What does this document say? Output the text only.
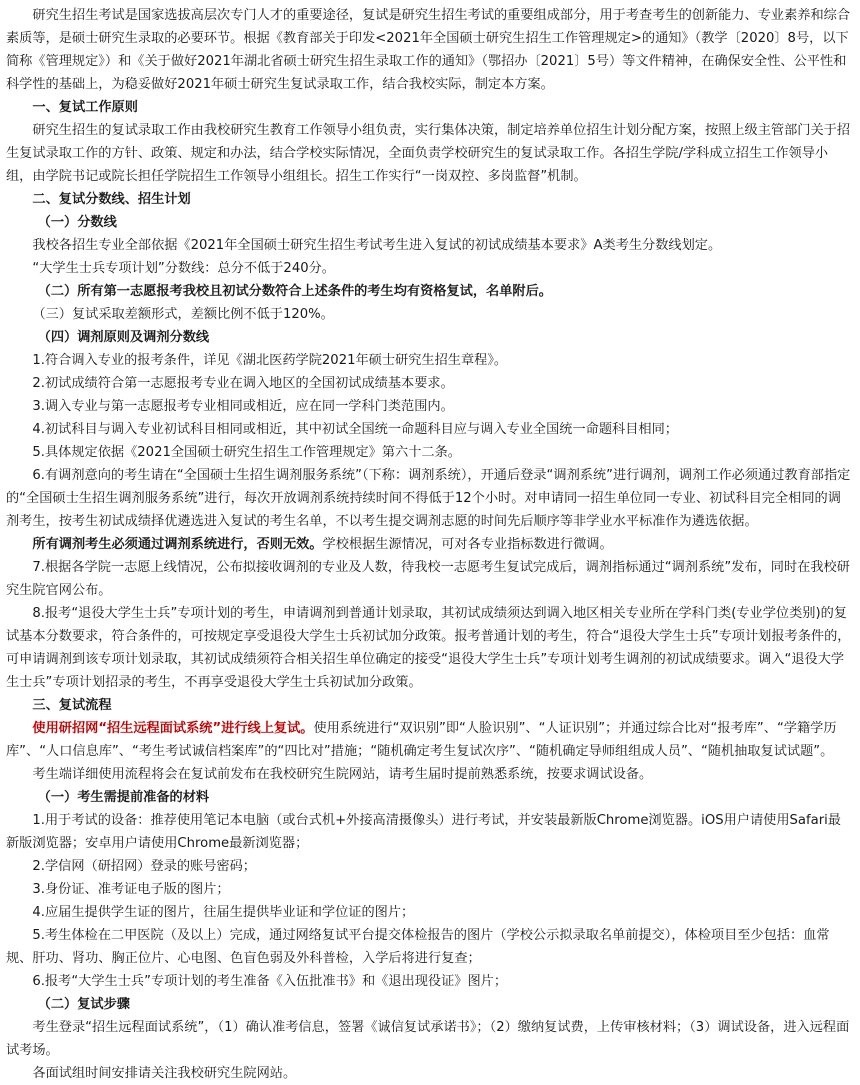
研究生招生考试是国家选拔高层次专门人才的重要途径，复试是研究生招生考试的重要组成部分，用于考查考生的创新能力、专业素养和综合素质等，是硕士研究生录取的必要环节。根据《教育部关于印发<2021年全国硕士研究生招生工作管理规定>的通知》（教学〔2020〕8号，以下简称《管理规定》）和《关于做好2021年湖北省硕士研究生招生录取工作的通知》（鄂招办〔2021〕5号）等文件精神，在确保安全性、公平性和科学性的基础上，为稳妥做好2021年硕士研究生复试录取工作，结合我校实际，制定本方案。

一、复试工作原则

研究生招生的复试录取工作由我校研究生教育工作领导小组负责，实行集体决策，制定培养单位招生计划分配方案，按照上级主管部门关于招生复试录取工作的方针、政策、规定和办法，结合学校实际情况，全面负责学校研究生的复试录取工作。各招生学院/学科成立招生工作领导小组，由学院书记或院长担任学院招生工作领导小组组长。招生工作实行“一岗双控、多岗监督”机制。

二、复试分数线、招生计划

（一）分数线

我校各招生专业全部依据《2021年全国硕士研究生招生考试考生进入复试的初试成绩基本要求》A类考生分数线划定。

“大学生士兵专项计划”分数线：总分不低于240分。

（二）所有第一志愿报考我校且初试分数符合上述条件的考生均有资格复试，名单附后。

（三）复试采取差额形式，差额比例不低于120%。

（四）调剂原则及调剂分数线

1.符合调入专业的报考条件，详见《湖北医药学院2021年硕士研究生招生章程》。

2.初试成绩符合第一志愿报考专业在调入地区的全国初试成绩基本要求。

3.调入专业与第一志愿报考专业相同或相近，应在同一学科门类范围内。

4.初试科目与调入专业初试科目相同或相近，其中初试全国统一命题科目应与调入专业全国统一命题科目相同；

5.具体规定依据《2021全国硕士研究生招生工作管理规定》第六十二条。

6.有调剂意向的考生请在“全国硕士生招生调剂服务系统”（下称：调剂系统），开通后登录“调剂系统”进行调剂，调剂工作必须通过教育部指定的“全国硕士生招生调剂服务系统”进行，每次开放调剂系统持续时间不得低于12个小时。对申请同一招生单位同一专业、初试科目完全相同的调剂考生，按考生初试成绩择优遴选进入复试的考生名单，不以考生提交调剂志愿的时间先后顺序等非学业水平标准作为遴选依据。

所有调剂考生必须通过调剂系统进行，否则无效。学校根据生源情况，可对各专业指标数进行微调。

7.根据各学院一志愿上线情况，公布拟接收调剂的专业及人数，待我校一志愿考生复试完成后，调剂指标通过“调剂系统”发布，同时在我校研究生院官网公布。

8.报考“退役大学生士兵”专项计划的考生，申请调剂到普通计划录取，其初试成绩须达到调入地区相关专业所在学科门类(专业学位类别)的复试基本分数要求，符合条件的，可按规定享受退役大学生士兵初试加分政策。报考普通计划的考生，符合“退役大学生士兵”专项计划报考条件的，可申请调剂到该专项计划录取，其初试成绩须符合相关招生单位确定的接受“退役大学生士兵”专项计划考生调剂的初试成绩要求。调入“退役大学生士兵”专项计划招录的考生，不再享受退役大学生士兵初试加分政策。

三、复试流程

使用研招网“招生远程面试系统”进行线上复试。使用系统进行“双识别”即“人脸识别”、“人证识别”；并通过综合比对“报考库”、“学籍学历库”、“人口信息库”、“考生考试诚信档案库”的“四比对”措施；“随机确定考生复试次序”、“随机确定导师组组成人员”、“随机抽取复试试题”。

考生端详细使用流程将会在复试前发布在我校研究生院网站，请考生届时提前熟悉系统，按要求调试设备。

（一）考生需提前准备的材料

1.用于考试的设备：推荐使用笔记本电脑（或台式机+外接高清摄像头）进行考试，并安装最新版Chrome浏览器。iOS用户请使用Safari最新版浏览器；安卓用户请使用Chrome最新浏览器；

2.学信网（研招网）登录的账号密码；

3.身份证、准考证电子版的图片；

4.应届生提供学生证的图片，往届生提供毕业证和学位证的图片；

5.考生体检在二甲医院（及以上）完成，通过网络复试平台提交体检报告的图片（学校公示拟录取名单前提交），体检项目至少包括：血常规、肝功、肾功、胸正位片、心电图、色盲色弱及外科普检，入学后将进行复查；

6.报考“大学生士兵”专项计划的考生准备《入伍批准书》和《退出现役证》图片；

（二）复试步骤

考生登录“招生远程面试系统”，（1）确认准考信息，签署《诚信复试承诺书》；（2）缴纳复试费，上传审核材料；（3）调试设备，进入远程面试考场。

各面试组时间安排请关注我校研究生院网站。
